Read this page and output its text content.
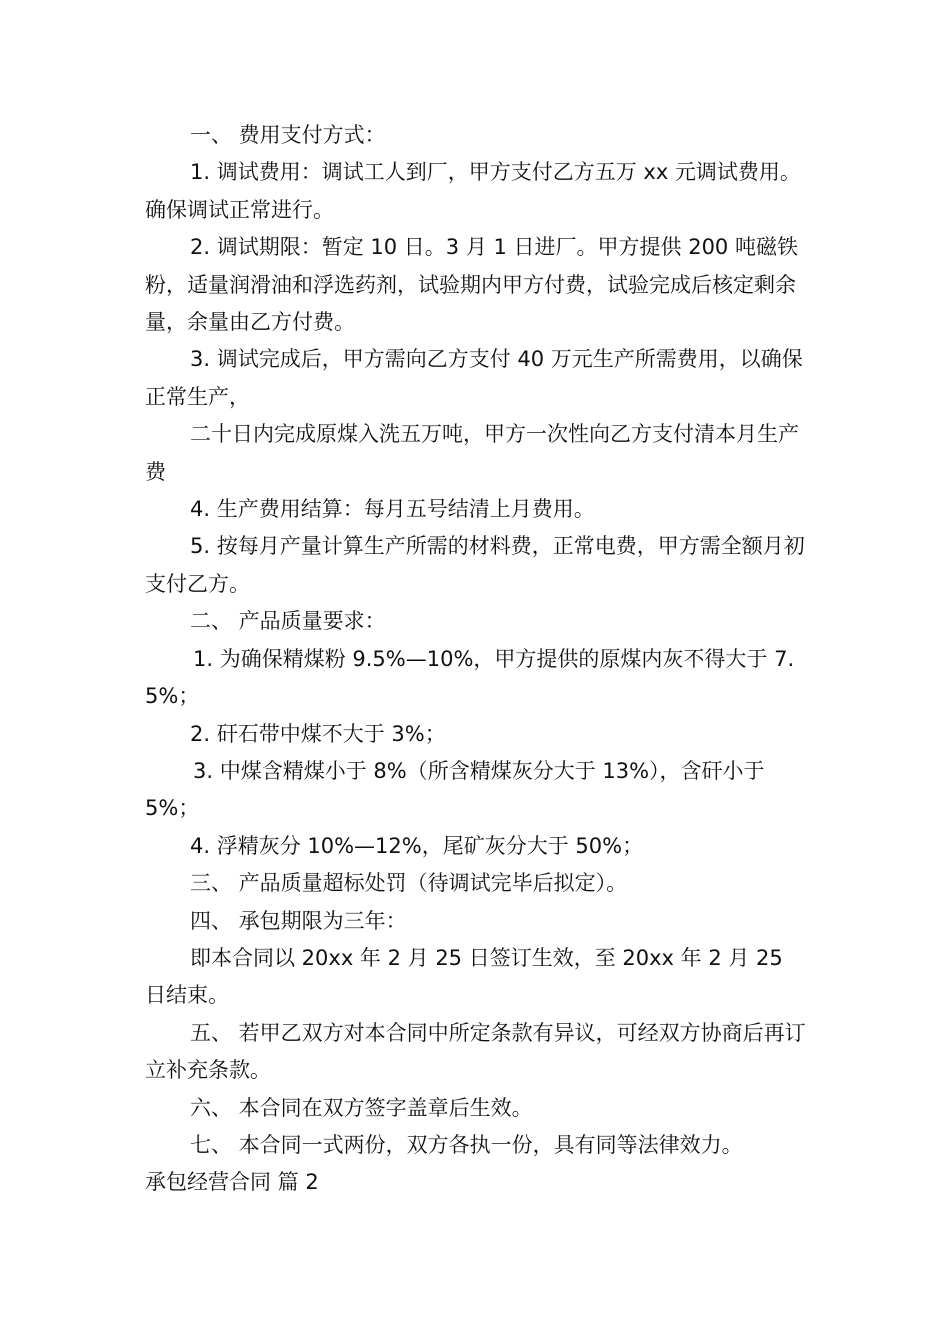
一、 费用支付方式：

1. 调试费用：调试工人到厂，甲方支付乙方五万 xx 元调试费用。确保调试正常进行。

2. 调试期限：暂定 10 日。3 月 1 日进厂。甲方提供 200 吨磁铁粉，适量润滑油和浮选药剂，试验期内甲方付费，试验完成后核定剩余量，余量由乙方付费。

3. 调试完成后，甲方需向乙方支付 40 万元生产所需费用，以确保正常生产，

二十日内完成原煤入洗五万吨，甲方一次性向乙方支付清本月生产费

4. 生产费用结算：每月五号结清上月费用。

5. 按每月产量计算生产所需的材料费，正常电费，甲方需全额月初支付乙方。

二、 产品质量要求：

1. 为确保精煤粉 9.5%—10%，甲方提供的原煤内灰不得大于 7.5%；

2. 矸石带中煤不大于 3%；

3. 中煤含精煤小于 8%（所含精煤灰分大于 13%），含矸小于 5%；

4. 浮精灰分 10%—12%，尾矿灰分大于 50%；

三、 产品质量超标处罚（待调试完毕后拟定）。

四、 承包期限为三年：

即本合同以 20xx 年 2 月 25 日签订生效，至 20xx 年 2 月 25 日结束。

五、 若甲乙双方对本合同中所定条款有异议，可经双方协商后再订立补充条款。

六、 本合同在双方签字盖章后生效。

七、 本合同一式两份，双方各执一份，具有同等法律效力。

承包经营合同 篇 2
